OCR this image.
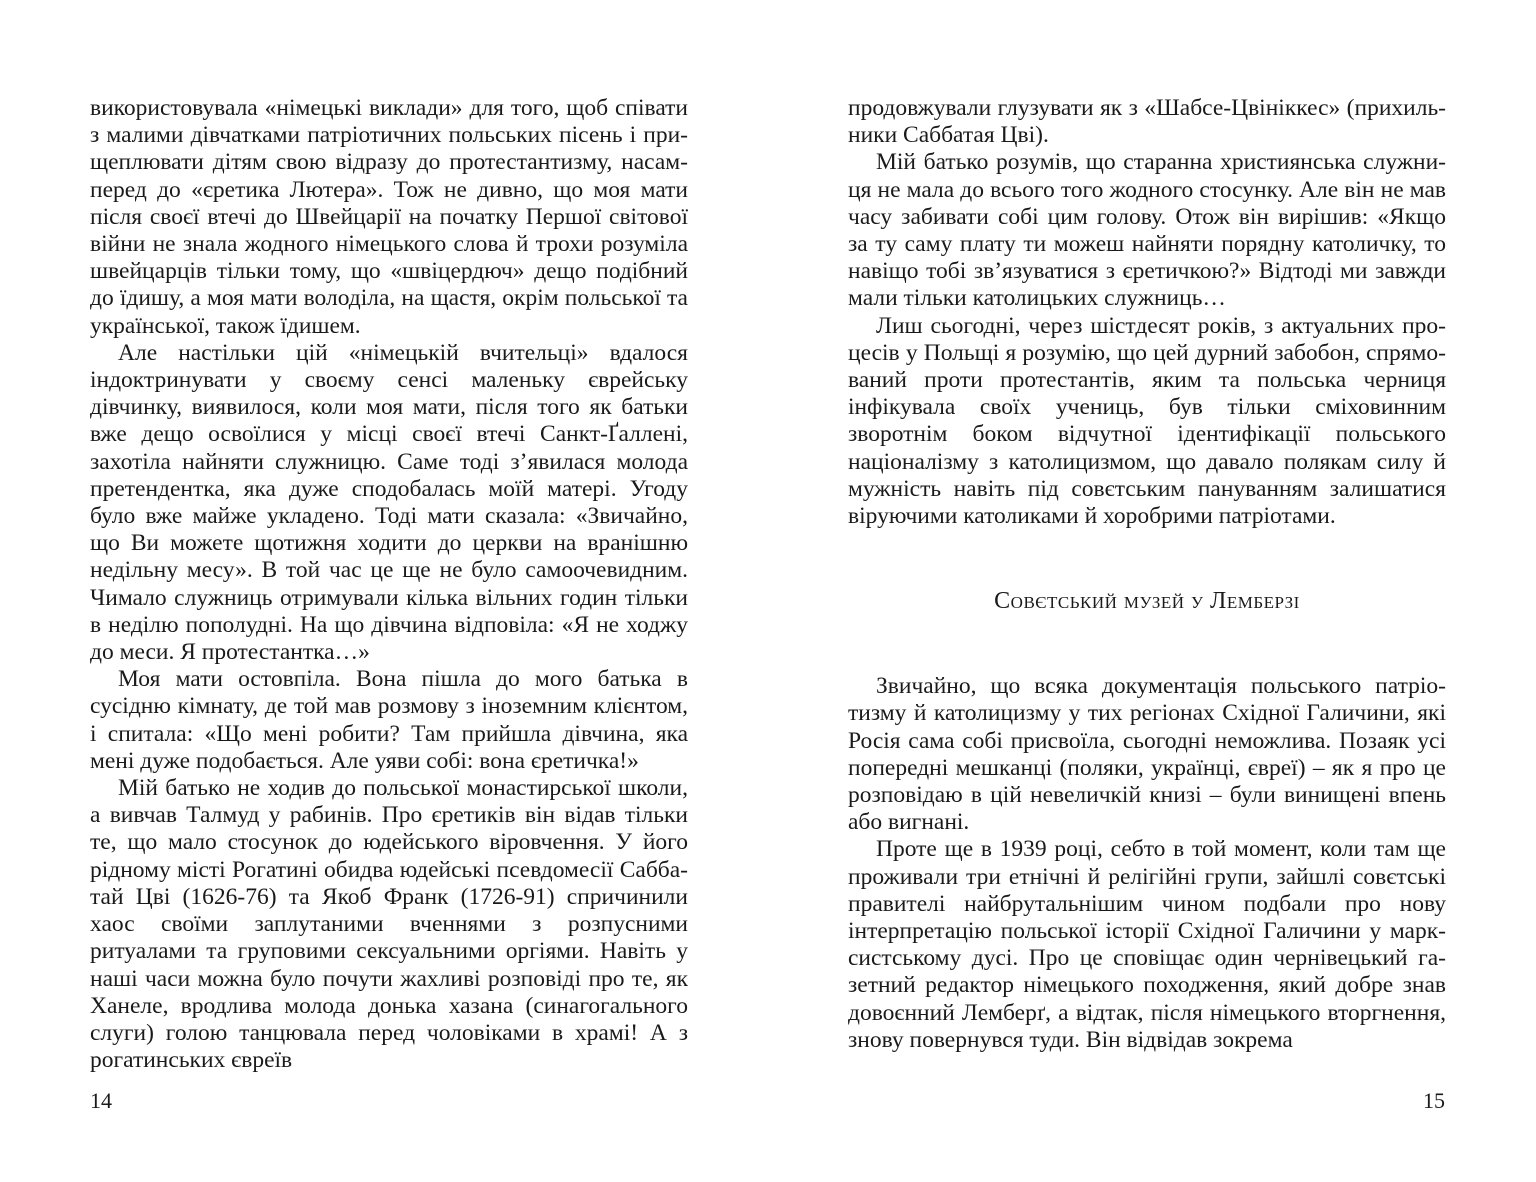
використовувала «німецькі виклади» для того, щоб співати з малими дівчатками патріотичних польських пісень і прищеплювати дітям свою відразу до протестантизму, насамперед до «єретика Лютера». Тож не дивно, що моя мати після своєї втечі до Швейцарії на початку Першої світової війни не знала жодного німецького слова й трохи розуміла швейцарців тільки тому, що «швіцердюч» дещо подібний до їдишу, а моя мати володіла, на щастя, окрім польської та української, також їдишем.

Але настільки цій «німецькій вчительці» вдалося індоктринувати у своєму сенсі маленьку єврейську дівчинку, виявилося, коли моя мати, після того як батьки вже дещо освоїлися у місці своєї втечі Санкт-Ґаллені, захотіла найняти служницю. Саме тоді з’явилася молода претендентка, яка дуже сподобалась моїй матері. Угоду було вже майже укладено. Тоді мати сказала: «Звичайно, що Ви можете щотижня ходити до церкви на вранішню недільну месу». В той час це ще не було самоочевидним. Чимало служниць отримували кілька вільних годин тільки в неділю пополудні. На що дівчина відповіла: «Я не ходжу до меси. Я протестантка…»

Моя мати остовпіла. Вона пішла до мого батька в сусідню кімнату, де той мав розмову з іноземним клієнтом, і спитала: «Що мені робити? Там прийшла дівчина, яка мені дуже подобається. Але уяви собі: вона єретичка!»

Мій батько не ходив до польської монастирської школи, а вивчав Талмуд у рабинів. Про єретиків він відав тільки те, що мало стосунок до юдейського віровчення. У його рідному місті Рогатині обидва юдейські псевдомесії Саббатай Цві (1626-76) та Якоб Франк (1726-91) спричинили хаос своїми заплутаними вченнями з розпусними ритуалами та груповими сексуальними оргіями. Навіть у наші часи можна було почути жахливі розповіді про те, як Ханеле, вродлива молода донька хазана (синагогального слуги) голою танцювала перед чоловіками в храмі! А з рогатинських євреїв

продовжували глузувати як з «Шабсе-Цвініккес» (прихильники Саббатая Цві).

Мій батько розумів, що старанна християнська служниця не мала до всього того жодного стосунку. Але він не мав часу забивати собі цим голову. Отож він вирішив: «Якщо за ту саму плату ти можеш найняти порядну католичку, то навіщо тобі зв’язуватися з єретичкою?» Відтоді ми завжди мали тільки католицьких служниць…

Лиш сьогодні, через шістдесят років, з актуальних процесів у Польщі я розумію, що цей дурний забобон, спрямований проти протестантів, яким та польська черниця інфікувала своїх учениць, був тільки сміховинним зворотнім боком відчутної ідентифікації польського націоналізму з католицизмом, що давало полякам силу й мужність навіть під совєтським пануванням залишатися віруючими католиками й хоробрими патріотами.

Совєтський музей у Лемберзі

Звичайно, що всяка документація польського патріотизму й католицизму у тих регіонах Східної Галичини, які Росія сама собі присвоїла, сьогодні неможлива. Позаяк усі попередні мешканці (поляки, українці, євреї) – як я про це розповідаю в цій невеличкій книзі – були винищені впень або вигнані.

Проте ще в 1939 році, себто в той момент, коли там ще проживали три етнічні й релігійні групи, зайшлі совєтські правителі найбрутальнішим чином подбали про нову інтерпретацію польської історії Східної Галичини у марксистському дусі. Про це сповіщає один чернівецький газетний редактор німецького походження, який добре знав довоєнний Лемберґ, а відтак, після німецького вторгнення, знову повернувся туди. Він відвідав зокрема

14	15
